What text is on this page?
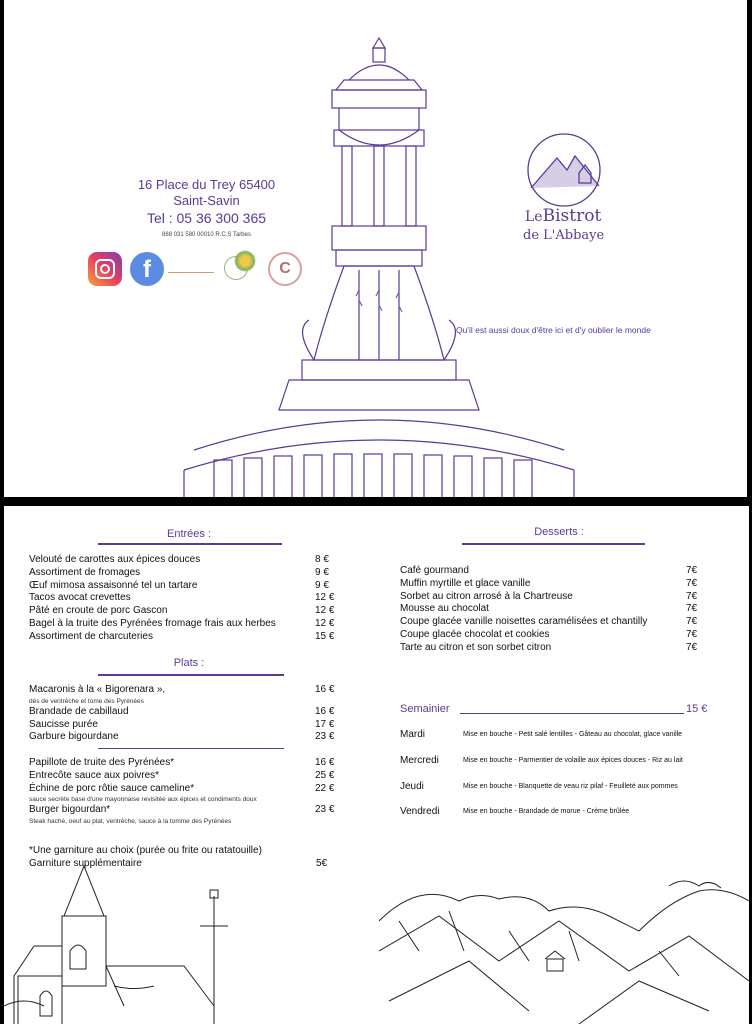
16 Place du Trey 65400
Saint-Savin
Tel : 05 36 300 365
888 031 580 00010 R.C.S Tarbes
f	C
LeBistrot
de L'Abbaye
Qu'il est aussi doux d'être ici et d'y oublier le monde
Entrées :
Velouté de carottes aux épices douces	8 €
Assortiment de fromages	9 €
Œuf mimosa assaisonné tel un tartare	9 €
Tacos avocat crevettes	12 €
Pâté en croute de porc Gascon	12 €
Bagel à la truite des Pyrénées fromage frais aux herbes	12 €
Assortiment de charcuteries	15 €
Plats :
Macaronis à la « Bigorenara »,	16 €
dés de ventrèche et tome des Pyrénées
Brandade de cabillaud	16 €
Saucisse purée	17 €
Garbure bigourdane	23 €
Papillote de truite des Pyrénées*	16 €
Entrecôte sauce aux poivres*	25 €
Échine de porc rôtie sauce cameline*	22 €
sauce secrète base d'une mayonnaise revisitée aux épices et condiments doux
Burger bigourdan*	23 €
Steak haché, oeuf au plat, ventrèche, sauce à la tomme des Pyrénées
*Une garniture au choix (purée ou frite ou ratatouille)
Garniture supplémentaire	5€
Desserts :
Café gourmand	7€
Muffin myrtille et glace vanille	7€
Sorbet au citron arrosé à la Chartreuse	7€
Mousse au chocolat	7€
Coupe glacée vanille noisettes caramélisées et chantilly	7€
Coupe glacée chocolat et cookies	7€
Tarte au citron et son sorbet citron	7€
Semainier	15 €
Mardi	Mise en bouche - Petit salé lentilles - Gâteau au chocolat, glace vanille
Mercredi	Mise en bouche - Parmentier de volaille aux épices douces - Riz au lait
Jeudi	Mise en bouche - Blanquette de veau riz pilaf - Feuilleté aux pommes
Vendredi	Mise en bouche - Brandade de morue - Crème brûlée
